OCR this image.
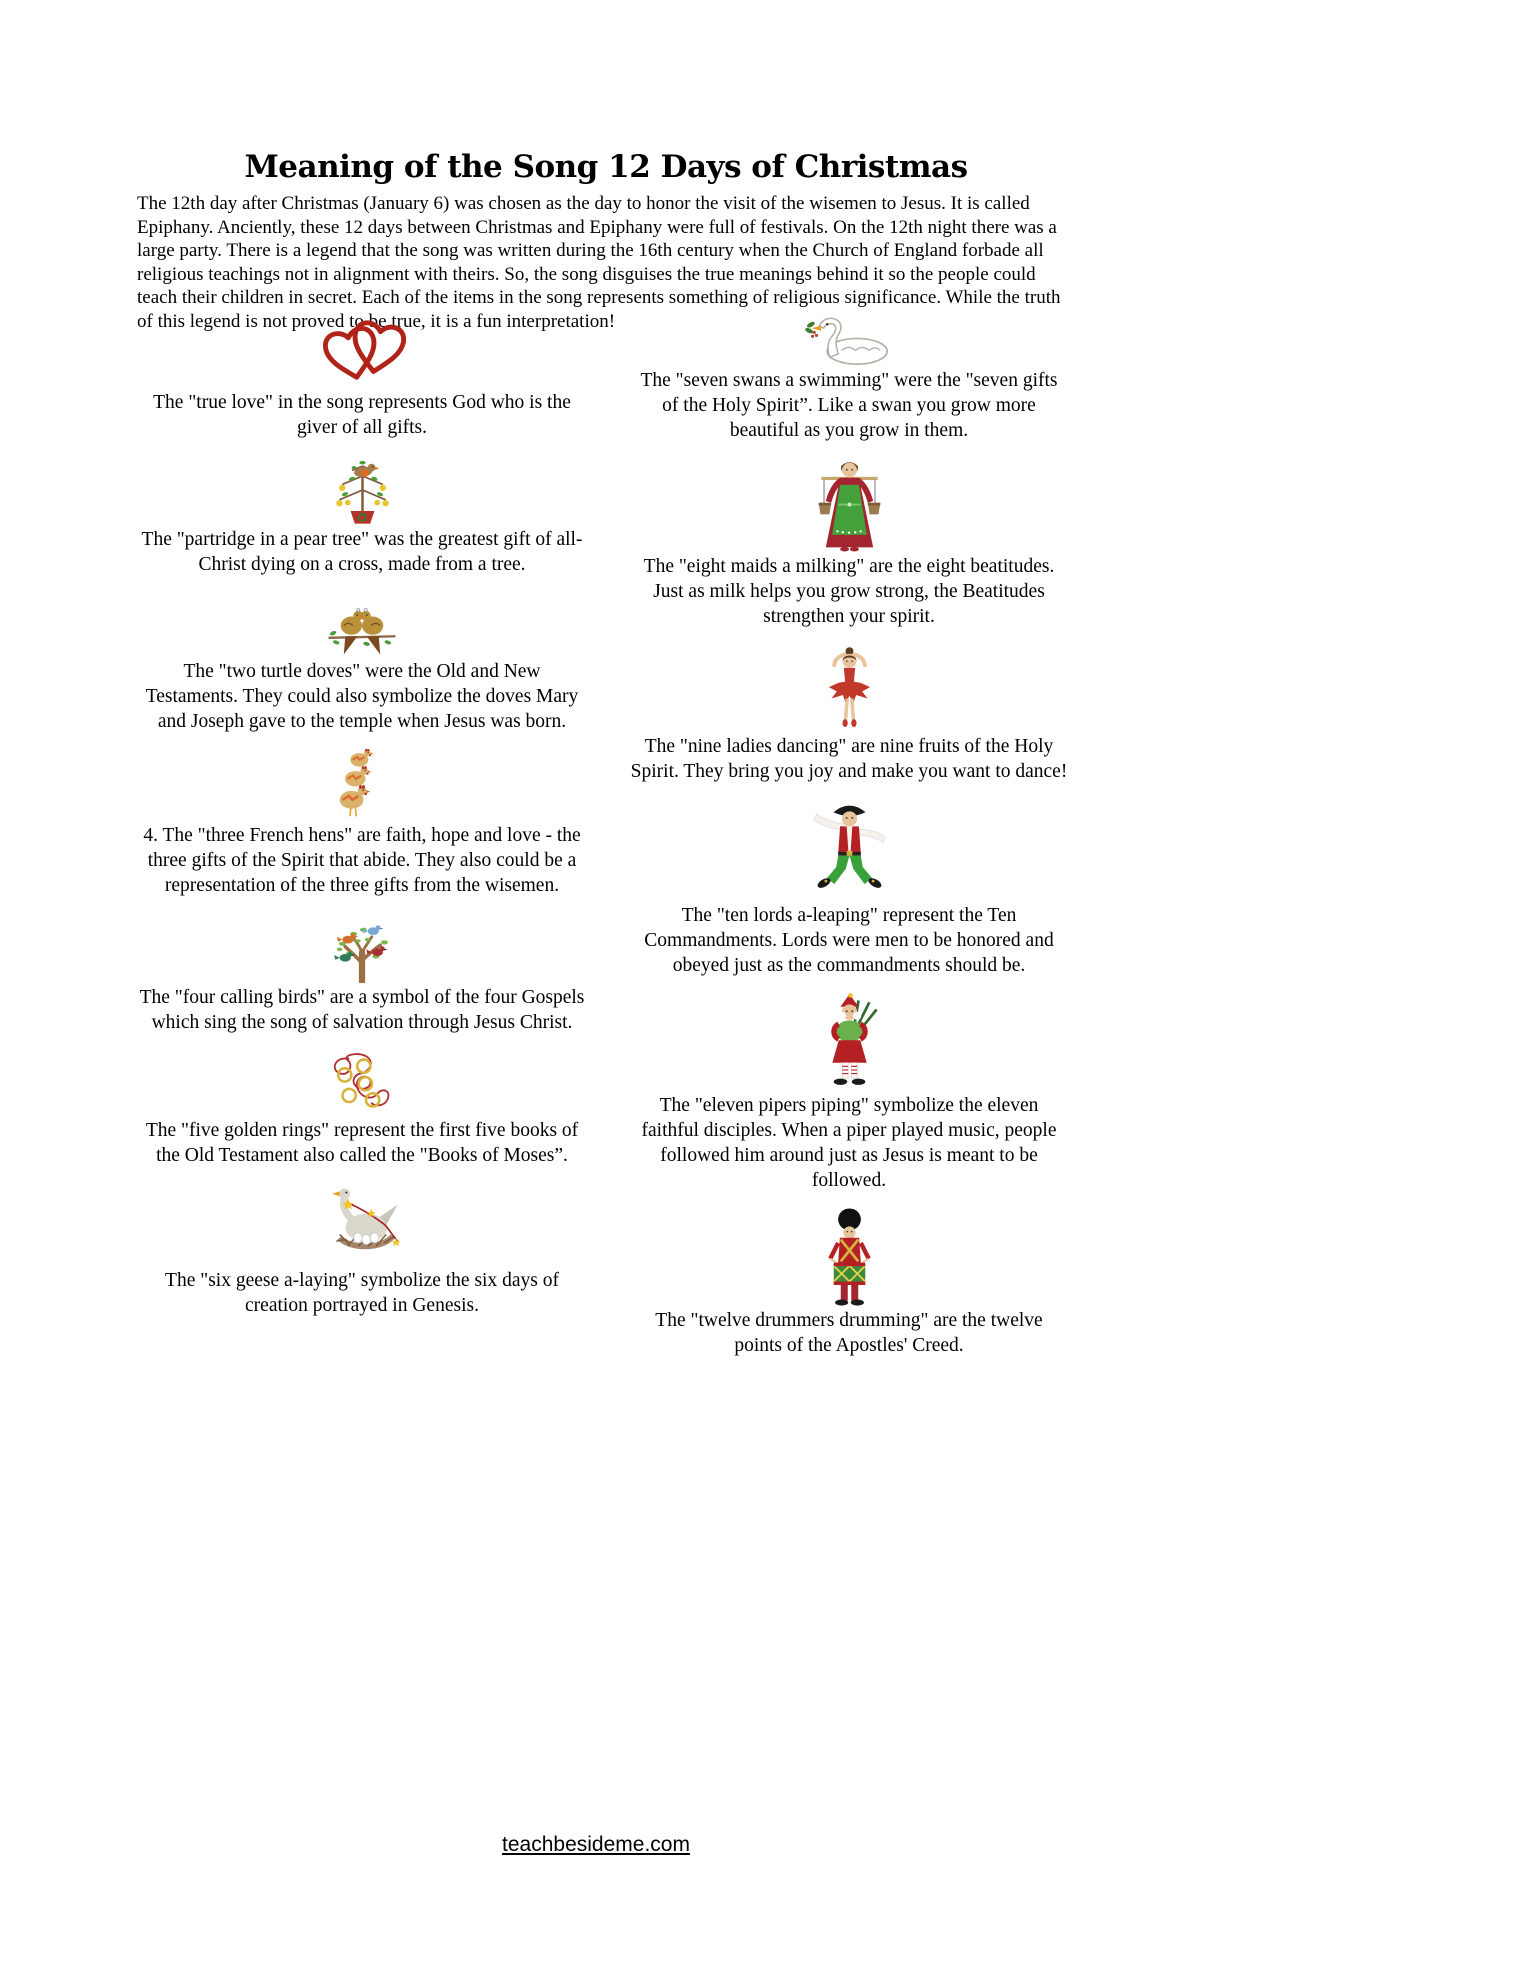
Meaning of the Song 12 Days of Christmas

The 12th day after Christmas (January 6) was chosen as the day to honor the visit of the wisemen to Jesus. It is called Epiphany. Anciently, these 12 days between Christmas and Epiphany were full of festivals. On the 12th night there was a large party. There is a legend that the song was written during the 16th century when the Church of England forbade all religious teachings not in alignment with theirs. So, the song disguises the true meanings behind it so the people could teach their children in secret. Each of the items in the song represents something of religious significance. While the truth of this legend is not proved to be true, it is a fun interpretation!

The "true love" in the song represents God who is the giver of all gifts.

The "partridge in a pear tree" was the greatest gift of all- Christ dying on a cross, made from a tree.

The "two turtle doves" were the Old and New Testaments. They could also symbolize the doves Mary and Joseph gave to the temple when Jesus was born.

4. The "three French hens" are faith, hope and love - the three gifts of the Spirit that abide. They also could be a representation of the three gifts from the wisemen.

The "four calling birds" are a symbol of the four Gospels which sing the song of salvation through Jesus Christ.

The "five golden rings" represent the first five books of the Old Testament also called the "Books of Moses”.

The "six geese a-laying" symbolize the six days of creation portrayed in Genesis.

The "seven swans a swimming" were the "seven gifts of the Holy Spirit”. Like a swan you grow more beautiful as you grow in them.

The "eight maids a milking" are the eight beatitudes. Just as milk helps you grow strong, the Beatitudes strengthen your spirit.

The "nine ladies dancing" are nine fruits of the Holy Spirit. They bring you joy and make you want to dance!

The "ten lords a-leaping" represent the Ten Commandments. Lords were men to be honored and obeyed just as the commandments should be.

The "eleven pipers piping" symbolize the eleven faithful disciples. When a piper played music, people followed him around just as Jesus is meant to be followed.

The "twelve drummers drumming" are the twelve points of the Apostles' Creed.

teachbesideme.com
